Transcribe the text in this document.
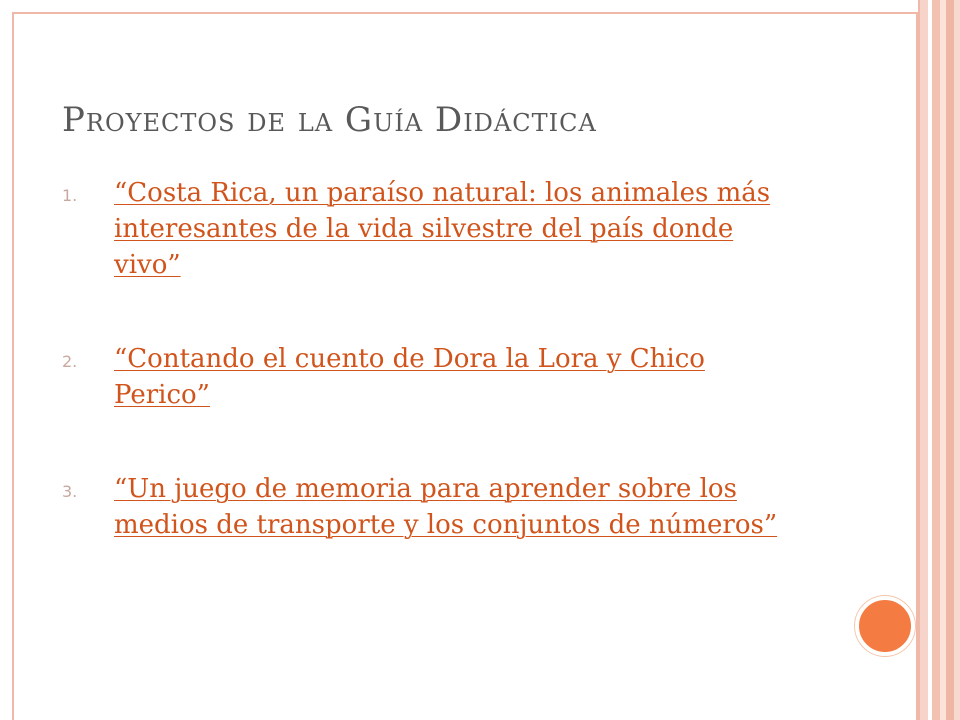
Proyectos de la Guía Didáctica
1.	“Costa Rica, un paraíso natural: los animales más interesantes de la vida silvestre del país donde vivo”
2.	“Contando el cuento de Dora la Lora y Chico Perico”
3.	“Un juego de memoria para aprender sobre los medios de transporte y los conjuntos de números”
